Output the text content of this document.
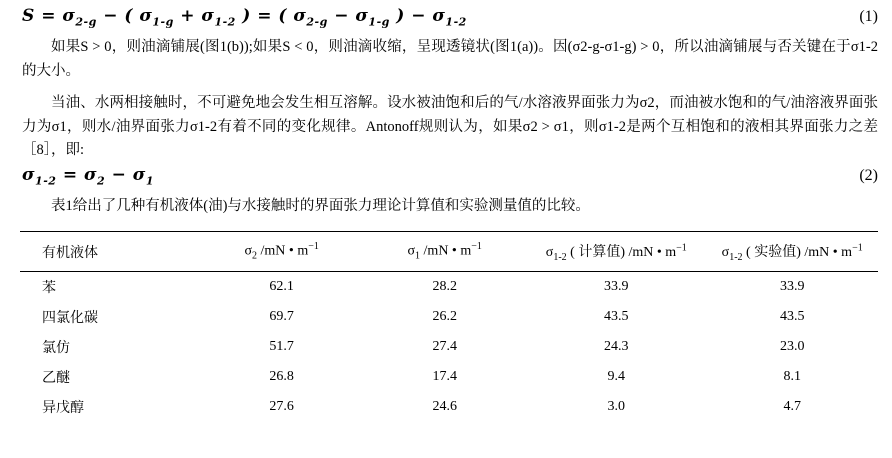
$S = \sigma_{2-g}$ − ( $\sigma_{1-g} + \sigma_{1-2}$ ) = ( $\sigma_{2-g} - \sigma_{1-g}$ ) − $\sigma_{1-2}$	(1)

如果S > 0，则油滴铺展(图1(b));如果S < 0，则油滴收缩，呈现透镜状(图1(a))。因(σ2-g-σ1-g) > 0，所以油滴铺展与否关键在于σ1-2的大小。

当油、水两相接触时，不可避免地会发生相互溶解。设水被油饱和后的气/水溶液界面张力为σ2，而油被水饱和的气/油溶液界面张力为σ1，则水/油界面张力σ1-2有着不同的变化规律。Antonoff规则认为，如果σ2 > σ1，则σ1-2是两个互相饱和的液相其界面张力之差［8］，即:

$\sigma_{1-2} = \sigma_2 - \sigma_1$	(2)

表1给出了几种有机液体(油)与水接触时的界面张力理论计算值和实验测量值的比较。

有机液体	$\sigma_2$ /mN • $m^{-1}$	$\sigma_1$ /mN • $m^{-1}$	$\sigma_{1-2}$ ( 计算值) /mN • $m^{-1}$	$\sigma_{1-2}$ ( 实验值) /mN • $m^{-1}$
苯	62.1	28.2	33.9	33.9
四氯化碳	69.7	26.2	43.5	43.5
氯仿	51.7	27.4	24.3	23.0
乙醚	26.8	17.4	9.4	8.1
异戊醇	27.6	24.6	3.0	4.7
